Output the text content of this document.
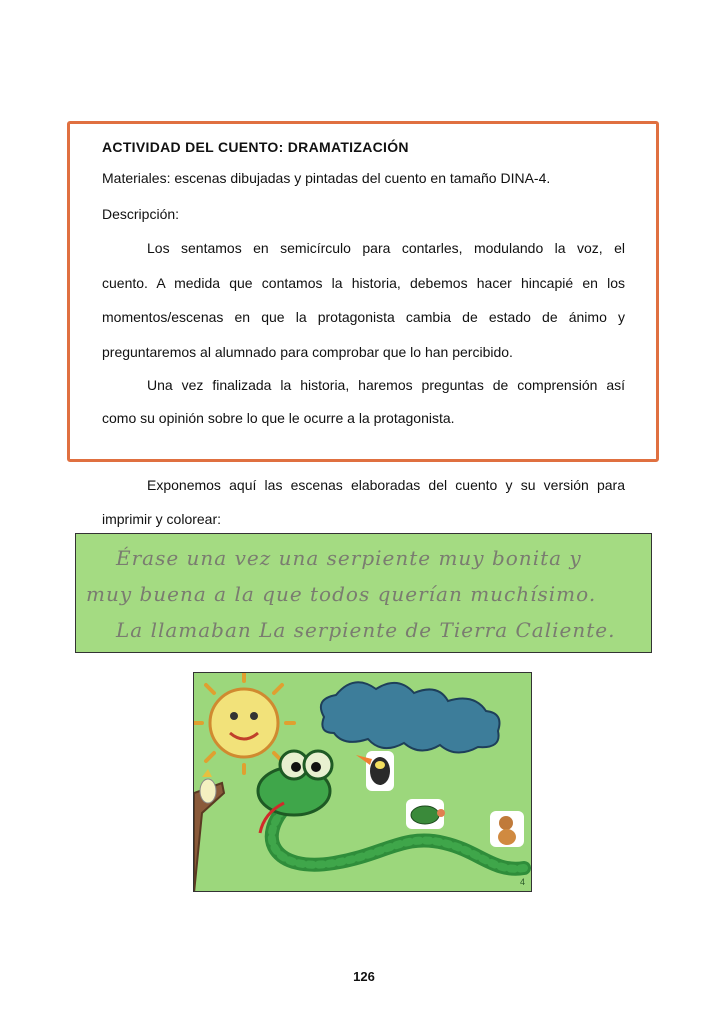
ACTIVIDAD DEL CUENTO: DRAMATIZACIÓN
Materiales: escenas dibujadas y pintadas del cuento en tamaño DINA-4.
Descripción:
Los sentamos en semicírculo para contarles, modulando la voz, el
cuento. A medida que contamos la historia, debemos hacer hincapié en los
momentos/escenas en que la protagonista cambia de estado de ánimo y
preguntaremos al alumnado para comprobar que lo han percibido.
Una vez finalizada la historia, haremos preguntas de comprensión así
como su opinión sobre lo que le ocurre a la protagonista.
Exponemos aquí las escenas elaboradas del cuento y su versión para
imprimir y colorear:
Érase una vez una serpiente muy bonita y
muy buena a la que todos querían muchísimo.
La llamaban La serpiente de Tierra Caliente.
4
126
